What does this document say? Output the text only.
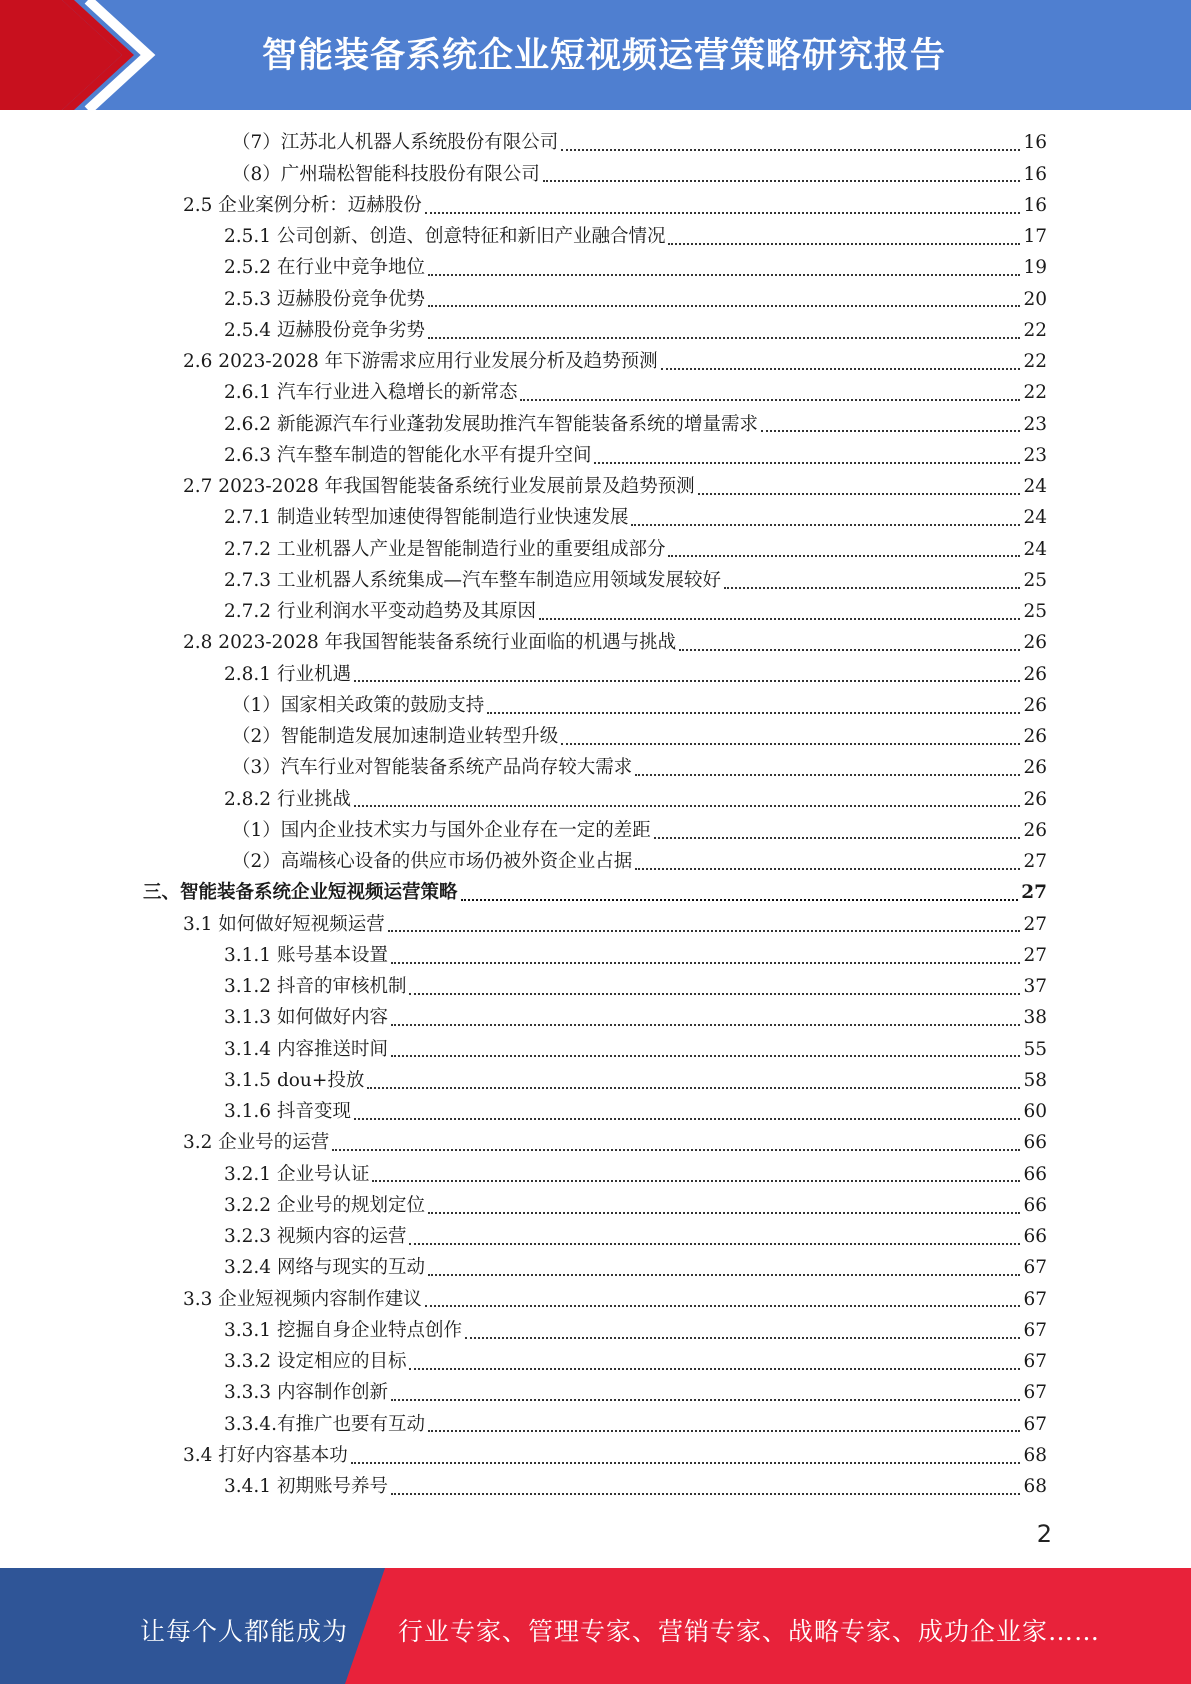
智能装备系统企业短视频运营策略研究报告
（7）江苏北人机器人系统股份有限公司	16
（8）广州瑞松智能科技股份有限公司	16
2.5 企业案例分析：迈赫股份	16
2.5.1 公司创新、创造、创意特征和新旧产业融合情况	17
2.5.2 在行业中竞争地位	19
2.5.3 迈赫股份竞争优势	20
2.5.4 迈赫股份竞争劣势	22
2.6 2023-2028 年下游需求应用行业发展分析及趋势预测	22
2.6.1 汽车行业进入稳增长的新常态	22
2.6.2 新能源汽车行业蓬勃发展助推汽车智能装备系统的增量需求	23
2.6.3 汽车整车制造的智能化水平有提升空间	23
2.7 2023-2028 年我国智能装备系统行业发展前景及趋势预测	24
2.7.1 制造业转型加速使得智能制造行业快速发展	24
2.7.2 工业机器人产业是智能制造行业的重要组成部分	24
2.7.3 工业机器人系统集成—汽车整车制造应用领域发展较好	25
2.7.2 行业利润水平变动趋势及其原因	25
2.8 2023-2028 年我国智能装备系统行业面临的机遇与挑战	26
2.8.1 行业机遇	26
（1）国家相关政策的鼓励支持	26
（2）智能制造发展加速制造业转型升级	26
（3）汽车行业对智能装备系统产品尚存较大需求	26
2.8.2 行业挑战	26
（1）国内企业技术实力与国外企业存在一定的差距	26
（2）高端核心设备的供应市场仍被外资企业占据	27
三、智能装备系统企业短视频运营策略	27
3.1 如何做好短视频运营	27
3.1.1 账号基本设置	27
3.1.2 抖音的审核机制	37
3.1.3 如何做好内容	38
3.1.4 内容推送时间	55
3.1.5 dou+投放	58
3.1.6 抖音变现	60
3.2 企业号的运营	66
3.2.1 企业号认证	66
3.2.2 企业号的规划定位	66
3.2.3 视频内容的运营	66
3.2.4 网络与现实的互动	67
3.3 企业短视频内容制作建议	67
3.3.1 挖掘自身企业特点创作	67
3.3.2 设定相应的目标	67
3.3.3 内容制作创新	67
3.3.4.有推广也要有互动	67
3.4 打好内容基本功	68
3.4.1 初期账号养号	68
2
让每个人都能成为 行业专家、管理专家、营销专家、战略专家、成功企业家……
